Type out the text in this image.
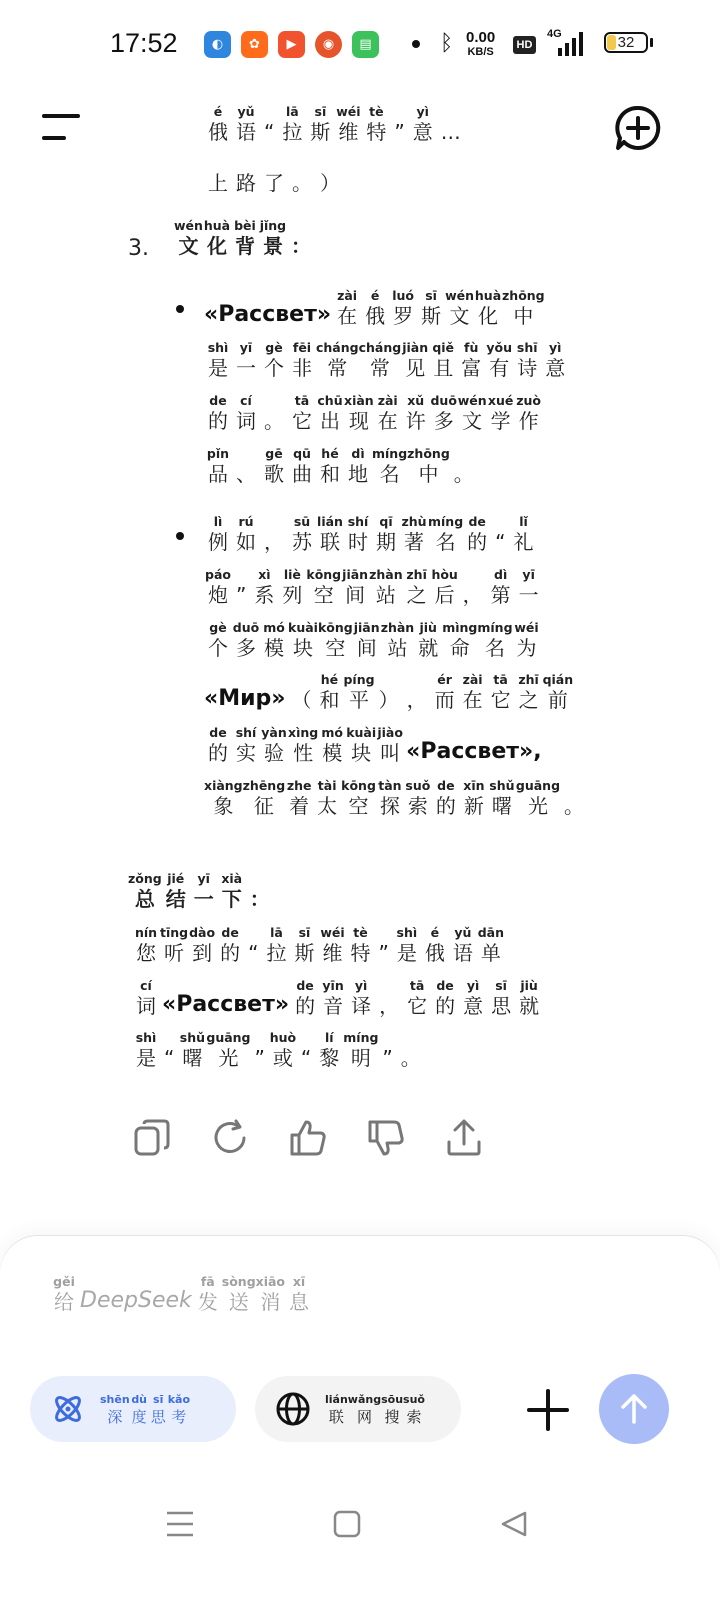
17:52	◐	✿	▶	◉	▤	ᛒ 0.00
KB/S
HD
4G	32
é
俄
yǔ
语
“
lā
拉
sī
斯
wéi
维
tè
特
”
yì
意
…

上
路
了
。
）
3.
wén
文
huà
化
bèi
背
jǐng
景
：
«Рассвет»
zài
在
é
俄
luó
罗
sī
斯
wén
文
huà
化
zhōng
中
shì
是
yī
一
gè
个
fēi
非
cháng
常
cháng
常
jiàn
见
qiě
且
fù
富
yǒu
有
shī
诗
yì
意
de
的
cí
词
。
tā
它
chū
出
xiàn
现
zài
在
xǔ
许
duō
多
wén
文
xué
学
zuò
作
pǐn
品
、
gē
歌
qū
曲
hé
和
dì
地
míng
名
zhōng
中
。
lì
例
rú
如
，
sū
苏
lián
联
shí
时
qī
期
zhù
著
míng
名
de
的
“
lǐ
礼
páo
炮
”
xì
系
liè
列
kōng
空
jiān
间
zhàn
站
zhī
之
hòu
后
，
dì
第
yī
一
gè
个
duō
多
mó
模
kuài
块
kōng
空
jiān
间
zhàn
站
jiù
就
mìng
命
míng
名
wéi
为
«Мир»
（
hé
和
píng
平
）
，
ér
而
zài
在
tā
它
zhī
之
qián
前
de
的
shí
实
yàn
验
xìng
性
mó
模
kuài
块
jiào
叫 «Рассвет»,
xiàng
象
zhēng
征
zhe
着
tài
太
kōng
空
tàn
探
suǒ
索
de
的
xīn
新
shǔ
曙
guāng
光
。
zǒng
总
jié
结
yī
一
xià
下
：
nín
您
tīng
听
dào
到
de
的
“
lā
拉
sī
斯
wéi
维
tè
特
”
shì
是
é
俄
yǔ
语
dān
单
cí
词 «Рассвет»
de
的
yīn
音
yì
译
，
tā
它
de
的
yì
意
sī
思
jiù
就
shì
是
“
shǔ
曙
guāng
光
”
huò
或
“
lí
黎
míng
明
”
。
gěi
给 DeepSeek
fā
发
sòng
送
xiāo
消
xī
息
shēn
深
dù
度
sī
思
kǎo
考
lián
联
wǎng
网
sōu
搜
suǒ
索
